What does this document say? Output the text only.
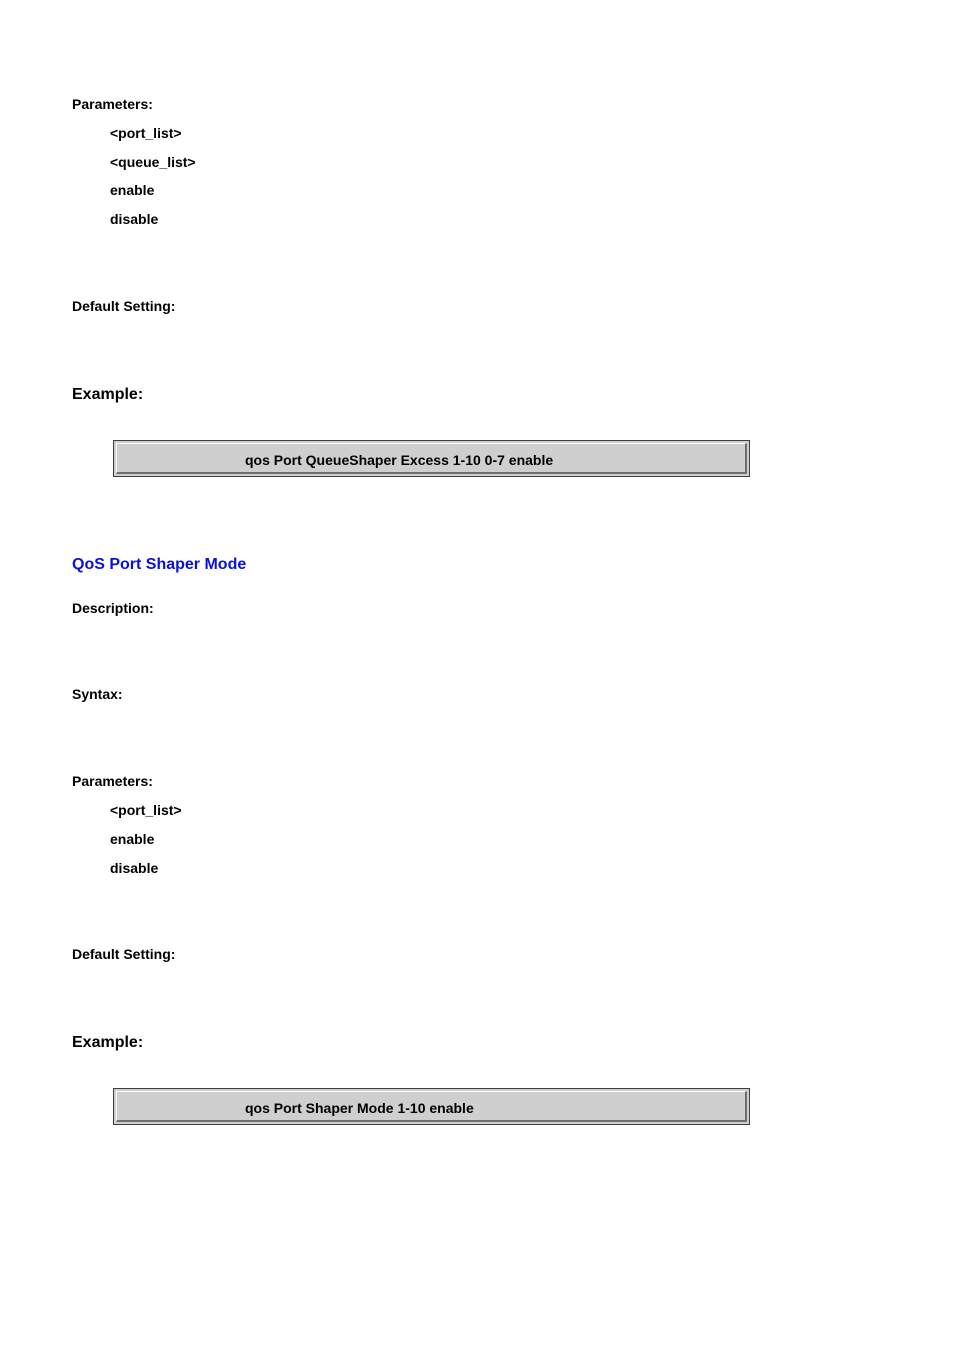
Parameters:
<port_list>
<queue_list>
enable
disable
Default Setting:
Example:
qos Port QueueShaper Excess 1-10 0-7 enable
QoS Port Shaper Mode
Description:
Syntax:
Parameters:
<port_list>
enable
disable
Default Setting:
Example:
qos Port Shaper Mode 1-10 enable
